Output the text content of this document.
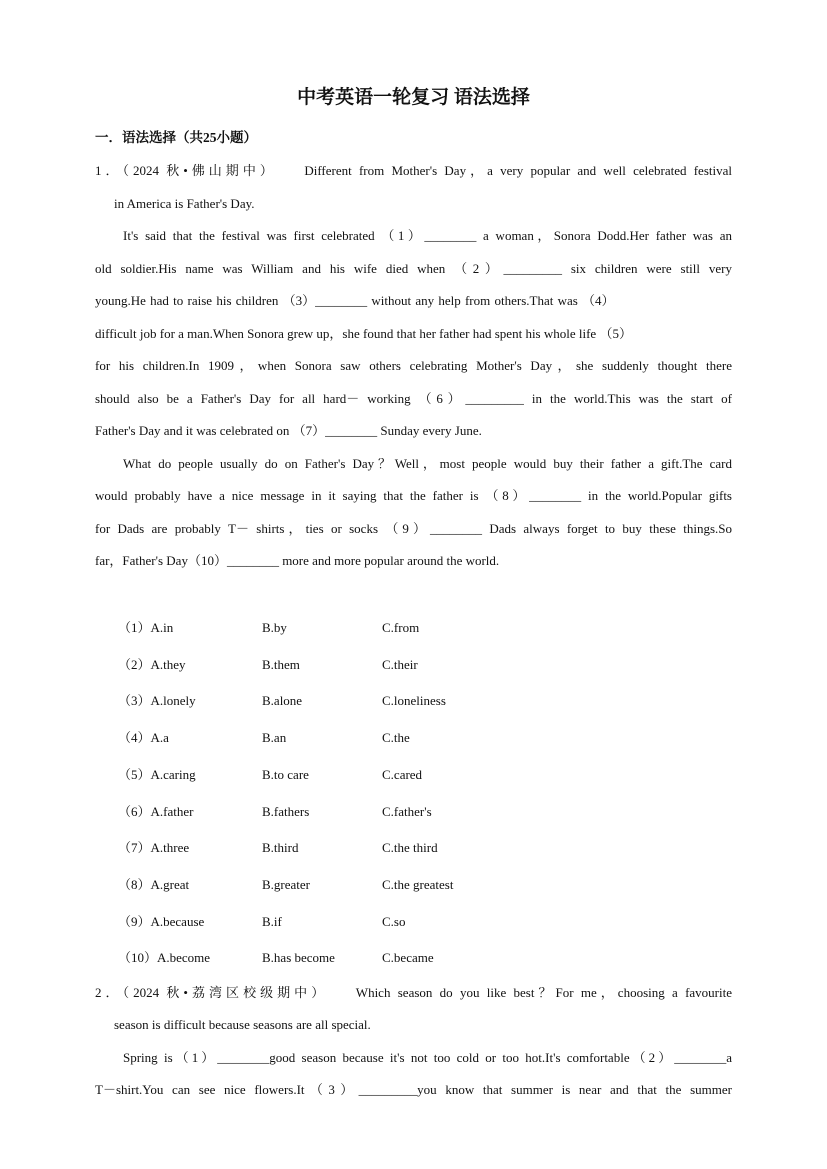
中考英语一轮复习 语法选择
一．语法选择（共25小题）
1．（2024 秋•佛山期中）　　Different from Mother's Day，a very popular and well celebrated festival
in America is Father's Day.
It's said that the festival was first celebrated （1）________ a woman，Sonora Dodd.Her father was an
old soldier.His name was William and his wife died when （2）_________ six children were still very
young.He had to raise his children （3）________ without any help from others.That was （4）
difficult job for a man.When Sonora grew up，she found that her father had spent his whole life （5）
for his children.In 1909，when Sonora saw others celebrating Mother's Day，she suddenly thought there
should also be a Father's Day for all hard－ working （6）_________ in the world.This was the start of
Father's Day and it was celebrated on （7）________ Sunday every June.
What do people usually do on Father's Day？Well，most people would buy their father a gift.The card
would probably have a nice message in it saying that the father is （8）________ in the world.Popular gifts
for Dads are probably T－ shirts，ties or socks （9）________ Dads always forget to buy these things.So
far，Father's Day（10）________ more and more popular around the world.
（1）A.in	B.by	C.from
（2）A.they	B.them	C.their
（3）A.lonely	B.alone	C.loneliness
（4）A.a	B.an	C.the
（5）A.caring	B.to care	C.cared
（6）A.father	B.fathers	C.father's
（7）A.three	B.third	C.the third
（8）A.great	B.greater	C.the greatest
（9）A.because	B.if	C.so
（10）A.become	B.has become	C.became
2．（2024 秋•荔湾区校级期中）　　Which season do you like best？For me，choosing a favourite
season is difficult because seasons are all special.
Spring is（1）________good season because it's not too cold or too hot.It's comfortable（2）________a
T－shirt.You can see nice flowers.It（3）_________you know that summer is near and that the summer
